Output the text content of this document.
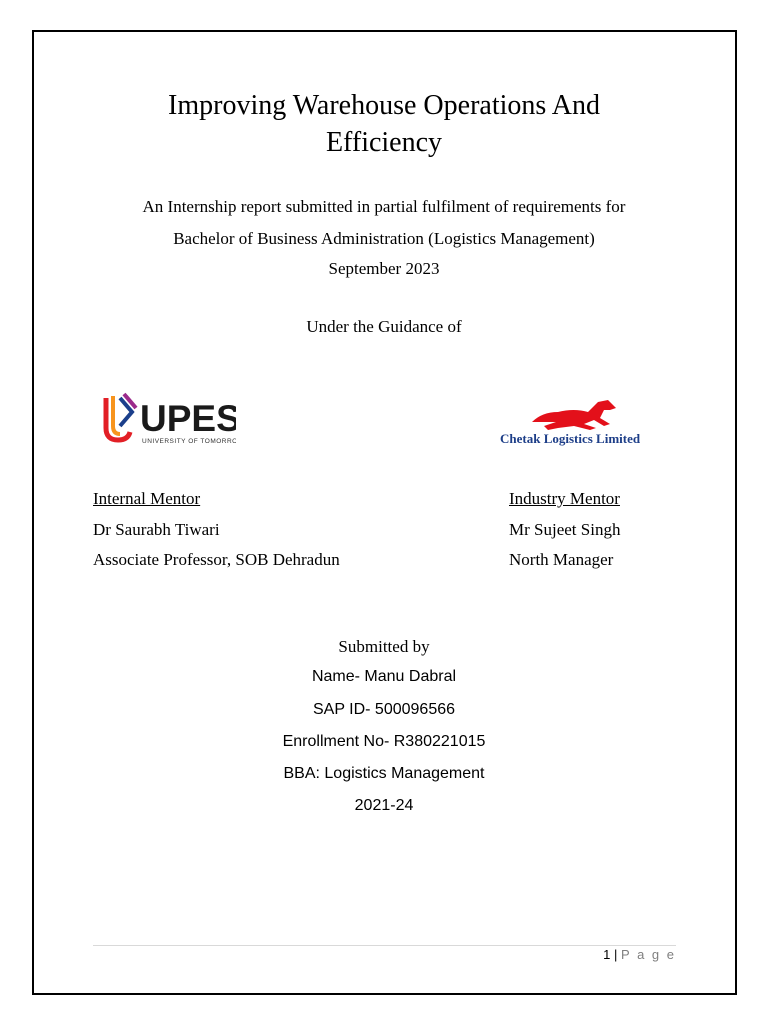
Improving Warehouse Operations And
Efficiency
An Internship report submitted in partial fulfilment of requirements for
Bachelor of Business Administration (Logistics Management)
September 2023
Under the Guidance of
UPES
UNIVERSITY OF TOMORROW	Chetak Logistics Limited
Internal Mentor
Dr Saurabh Tiwari
Associate Professor, SOB Dehradun
Industry Mentor
Mr Sujeet Singh
North Manager
Submitted by
Name- Manu Dabral
SAP ID- 500096566
Enrollment No- R380221015
BBA: Logistics Management
2021-24
1 | P a g e
